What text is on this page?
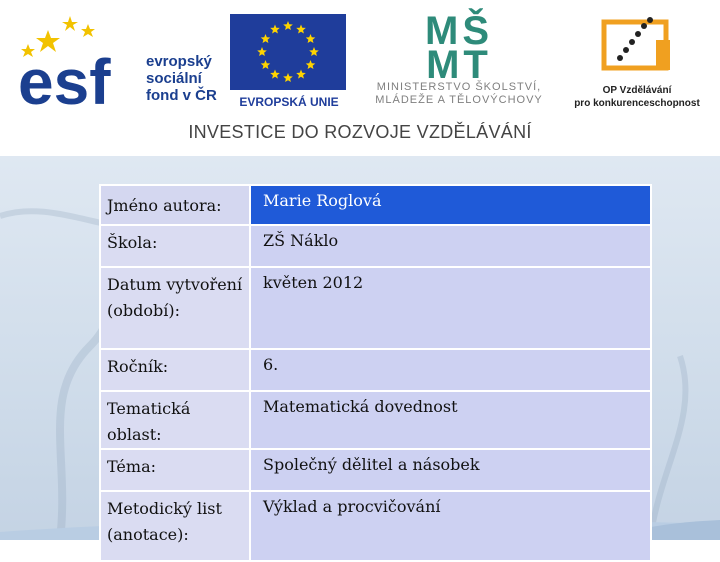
esf evropský
sociální
fond v ČR	EVROPSKÁ UNIE
MŠ
MT
MINISTERSTVO ŠKOLSTVÍ,
MLÁDEŽE A TĚLOVÝCHOVY
OP Vzdělávání
pro konkurenceschopnost
INVESTICE DO ROZVOJE VZDĚLÁVÁNÍ
Jméno autora:	Marie Roglová
Škola:	ZŠ Náklo
Datum vytvoření (období):	květen 2012
Ročník:	6.
Tematická oblast:	Matematická dovednost
Téma:	Společný dělitel a násobek
Metodický list (anotace):	Výklad a procvičování
